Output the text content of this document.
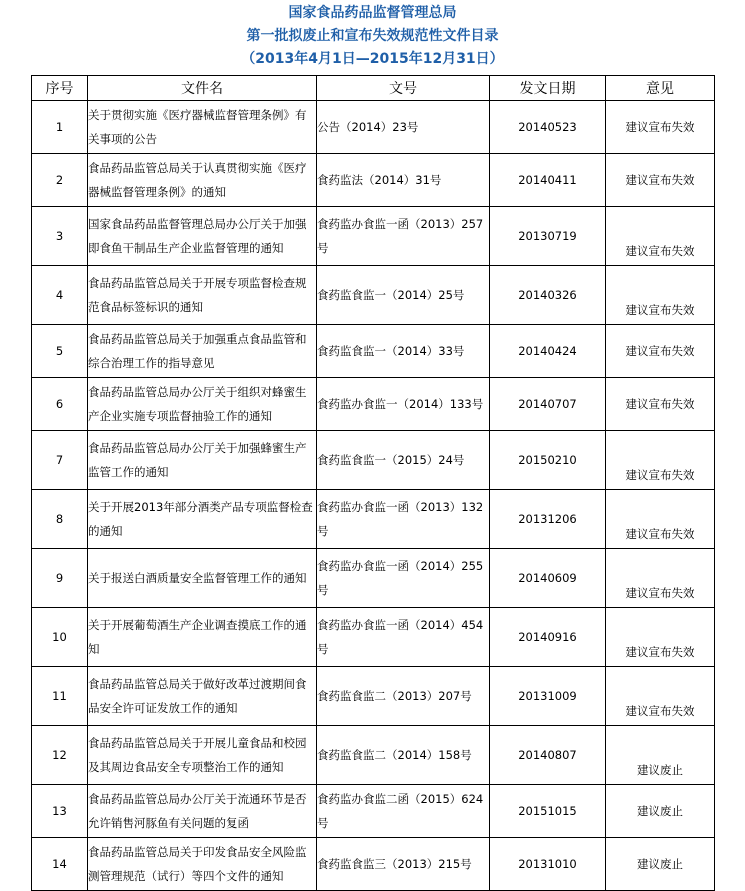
国家食品药品监督管理总局
第一批拟废止和宣布失效规范性文件目录
（2013年4月1日—2015年12月31日）
序号	文件名	文号	发文日期	意见
1	关于贯彻实施《医疗器械监督管理条例》有关事项的公告	公告（2014）23号	20140523	建议宣布失效
2	食品药品监管总局关于认真贯彻实施《医疗器械监督管理条例》的通知	食药监法（2014）31号	20140411	建议宣布失效
3	国家食品药品监督管理总局办公厅关于加强即食鱼干制品生产企业监督管理的通知	食药监办食监一函（2013）257号	20130719	建议宣布失效
4	食品药品监管总局关于开展专项监督检查规范食品标签标识的通知	食药监食监一（2014）25号	20140326	建议宣布失效
5	食品药品监管总局关于加强重点食品监管和综合治理工作的指导意见	食药监食监一（2014）33号	20140424	建议宣布失效
6	食品药品监管总局办公厅关于组织对蜂蜜生产企业实施专项监督抽验工作的通知	食药监办食监一（2014）133号	20140707	建议宣布失效
7	食品药品监管总局办公厅关于加强蜂蜜生产监管工作的通知	食药监食监一（2015）24号	20150210	建议宣布失效
8	关于开展2013年部分酒类产品专项监督检查的通知	食药监办食监一函（2013）132号	20131206	建议宣布失效
9	关于报送白酒质量安全监督管理工作的通知	食药监办食监一函（2014）255号	20140609	建议宣布失效
10	关于开展葡萄酒生产企业调查摸底工作的通知	食药监办食监一函（2014）454号	20140916	建议宣布失效
11	食品药品监管总局关于做好改革过渡期间食品安全许可证发放工作的通知	食药监食监二（2013）207号	20131009	建议宣布失效
12	食品药品监管总局关于开展儿童食品和校园及其周边食品安全专项整治工作的通知	食药监食监二（2014）158号	20140807	建议废止
13	食品药品监管总局办公厅关于流通环节是否允许销售河豚鱼有关问题的复函	食药监办食监二函（2015）624号	20151015	建议废止
14	食品药品监管总局关于印发食品安全风险监测管理规范（试行）等四个文件的通知	食药监食监三（2013）215号	20131010	建议废止
